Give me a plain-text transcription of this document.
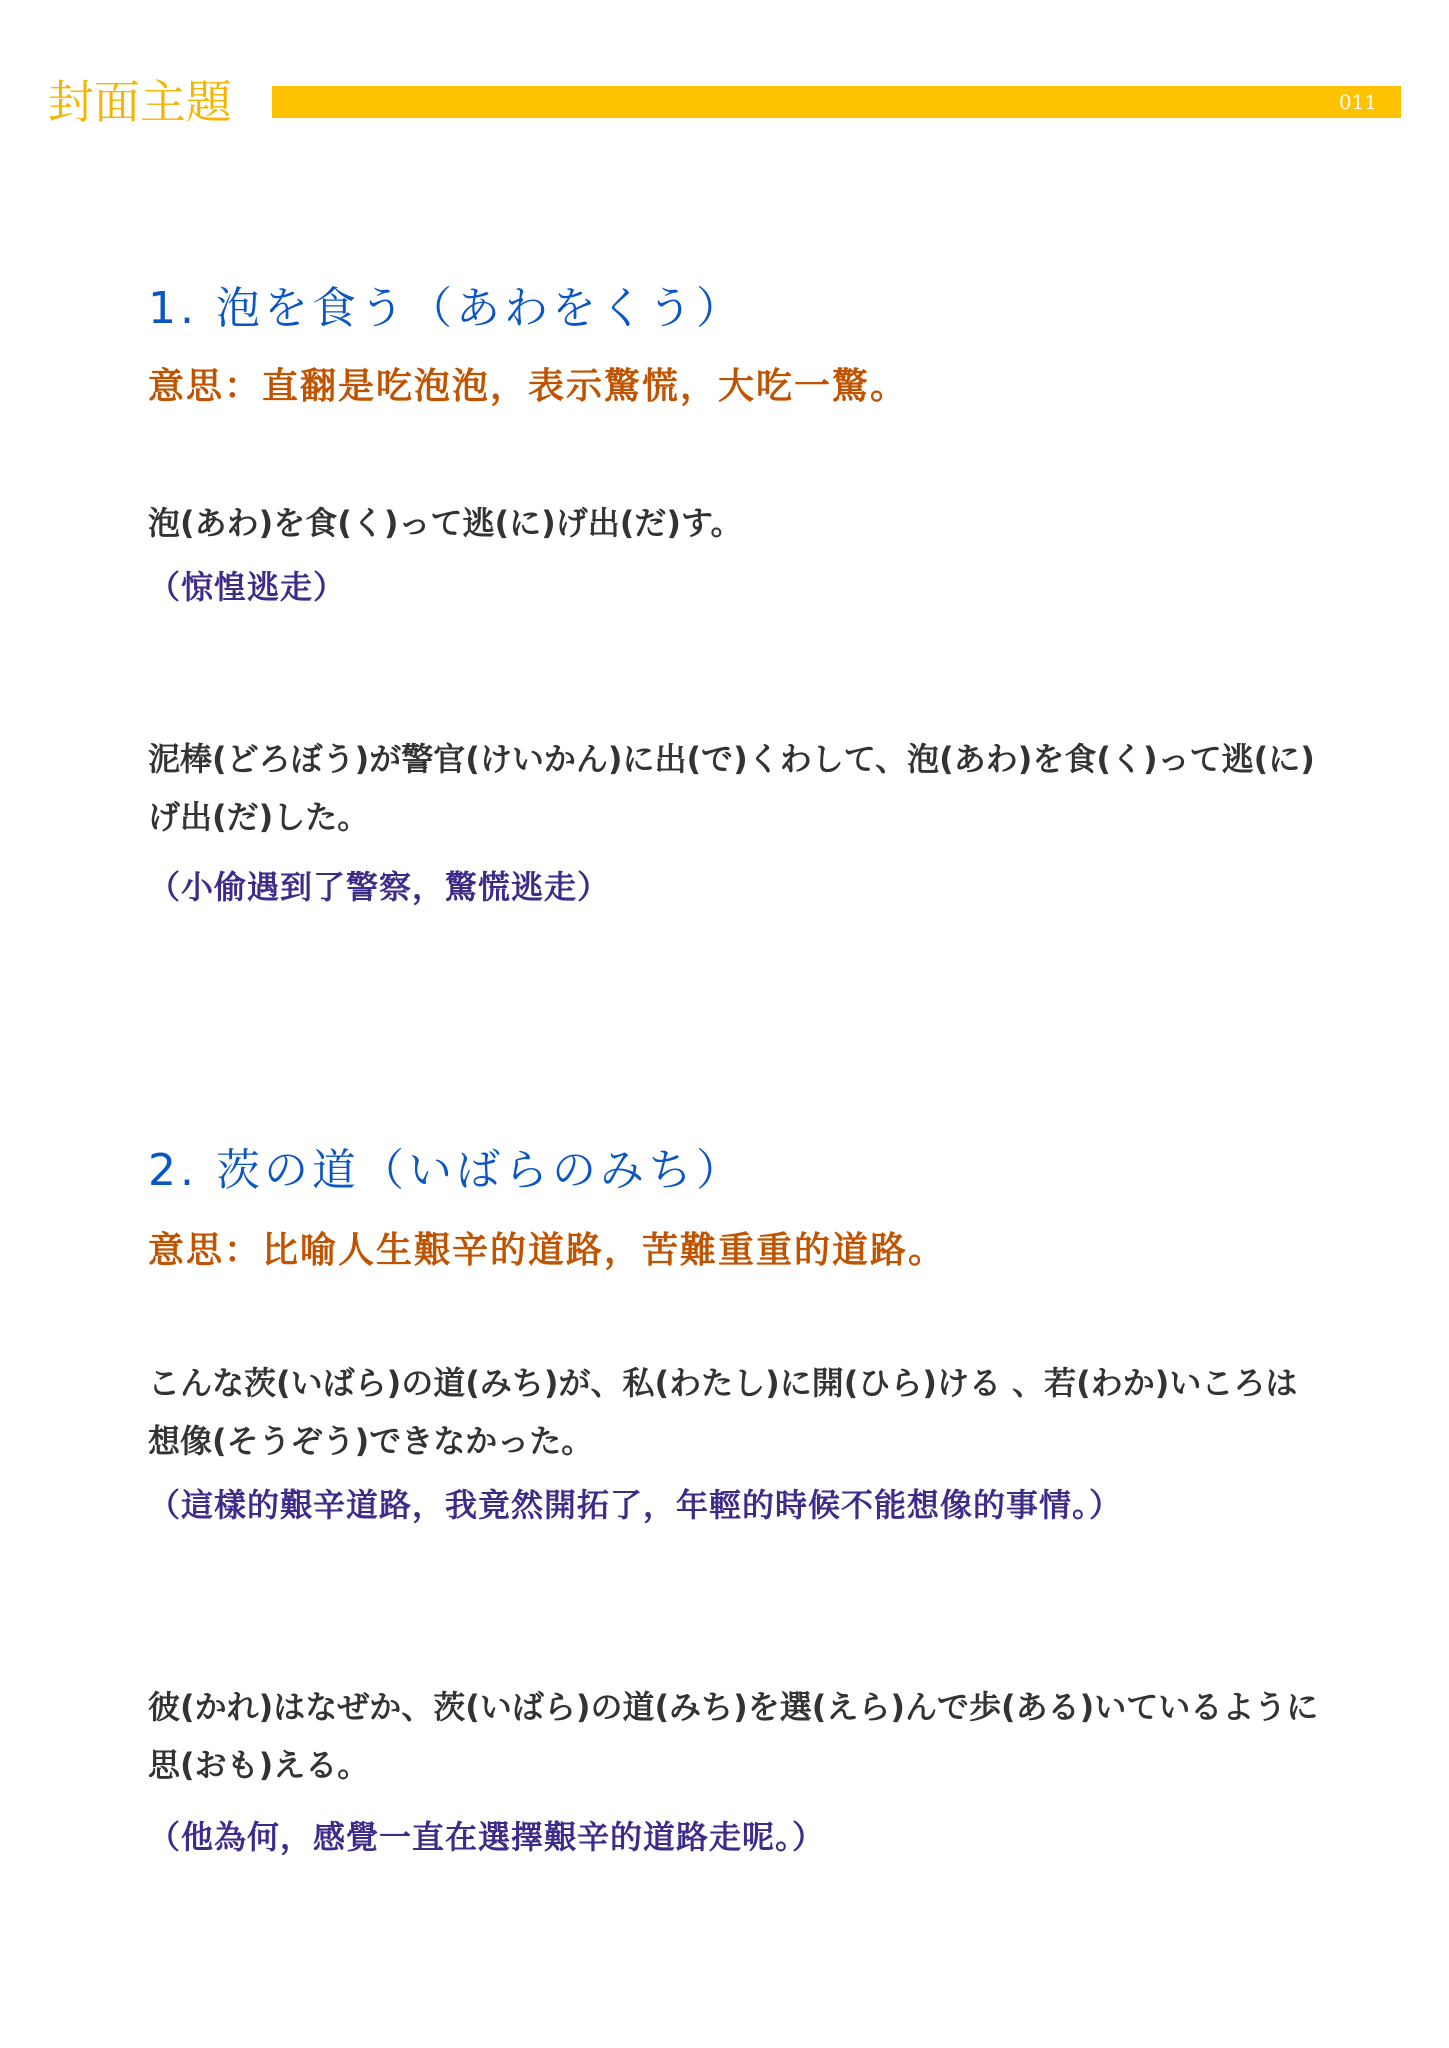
封面主題	011
1. 泡を食う（あわをくう）
意思：直翻是吃泡泡，表示驚慌，大吃一驚。
泡(あわ)を食(く)って逃(に)げ出(だ)す。
（惊惶逃走）
泥棒(どろぼう)が警官(けいかん)に出(で)くわして、泡(あわ)を食(く)って逃(に)げ出(だ)した。
（小偷遇到了警察，驚慌逃走）
2. 茨の道（いばらのみち）
意思：比喻人生艱辛的道路，苦難重重的道路。
こんな茨(いばら)の道(みち)が、私(わたし)に開(ひら)ける 、若(わか)いころは想像(そうぞう)できなかった。
（這樣的艱辛道路，我竟然開拓了，年輕的時候不能想像的事情。）
彼(かれ)はなぜか、茨(いばら)の道(みち)を選(えら)んで歩(ある)いているように思(おも)える。
（他為何，感覺一直在選擇艱辛的道路走呢。）
